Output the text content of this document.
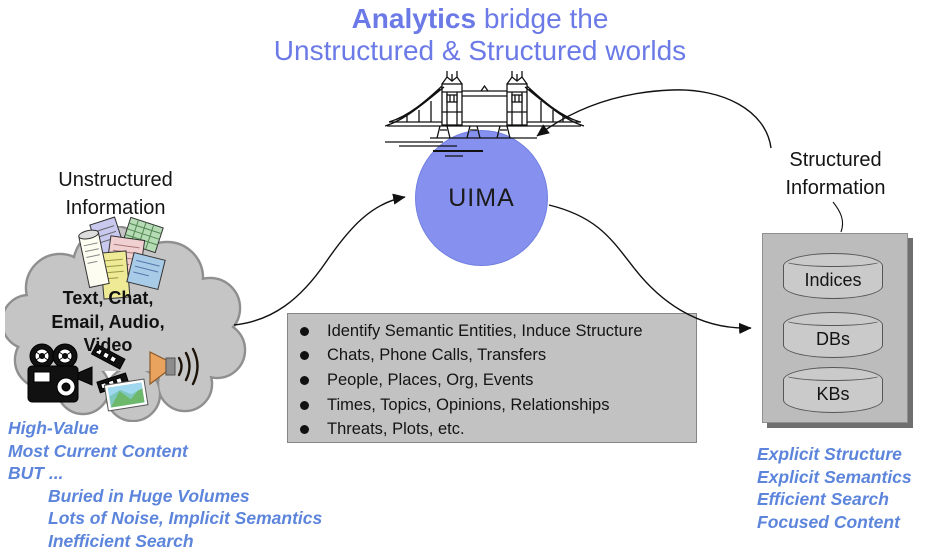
Analytics bridge the
Unstructured & Structured worlds
UIMA
Unstructured
Information
Text, Chat,
Email, Audio,
Video
Identify Semantic Entities, Induce Structure
Chats, Phone Calls, Transfers
People, Places, Org, Events
Times, Topics, Opinions, Relationships
Threats, Plots, etc.
Structured
Information
Indices
DBs
KBs
High-Value
Most Current Content
BUT ...
Buried in Huge Volumes
Lots of Noise, Implicit Semantics
Inefficient Search
Explicit Structure
Explicit Semantics
Efficient Search
Focused Content
